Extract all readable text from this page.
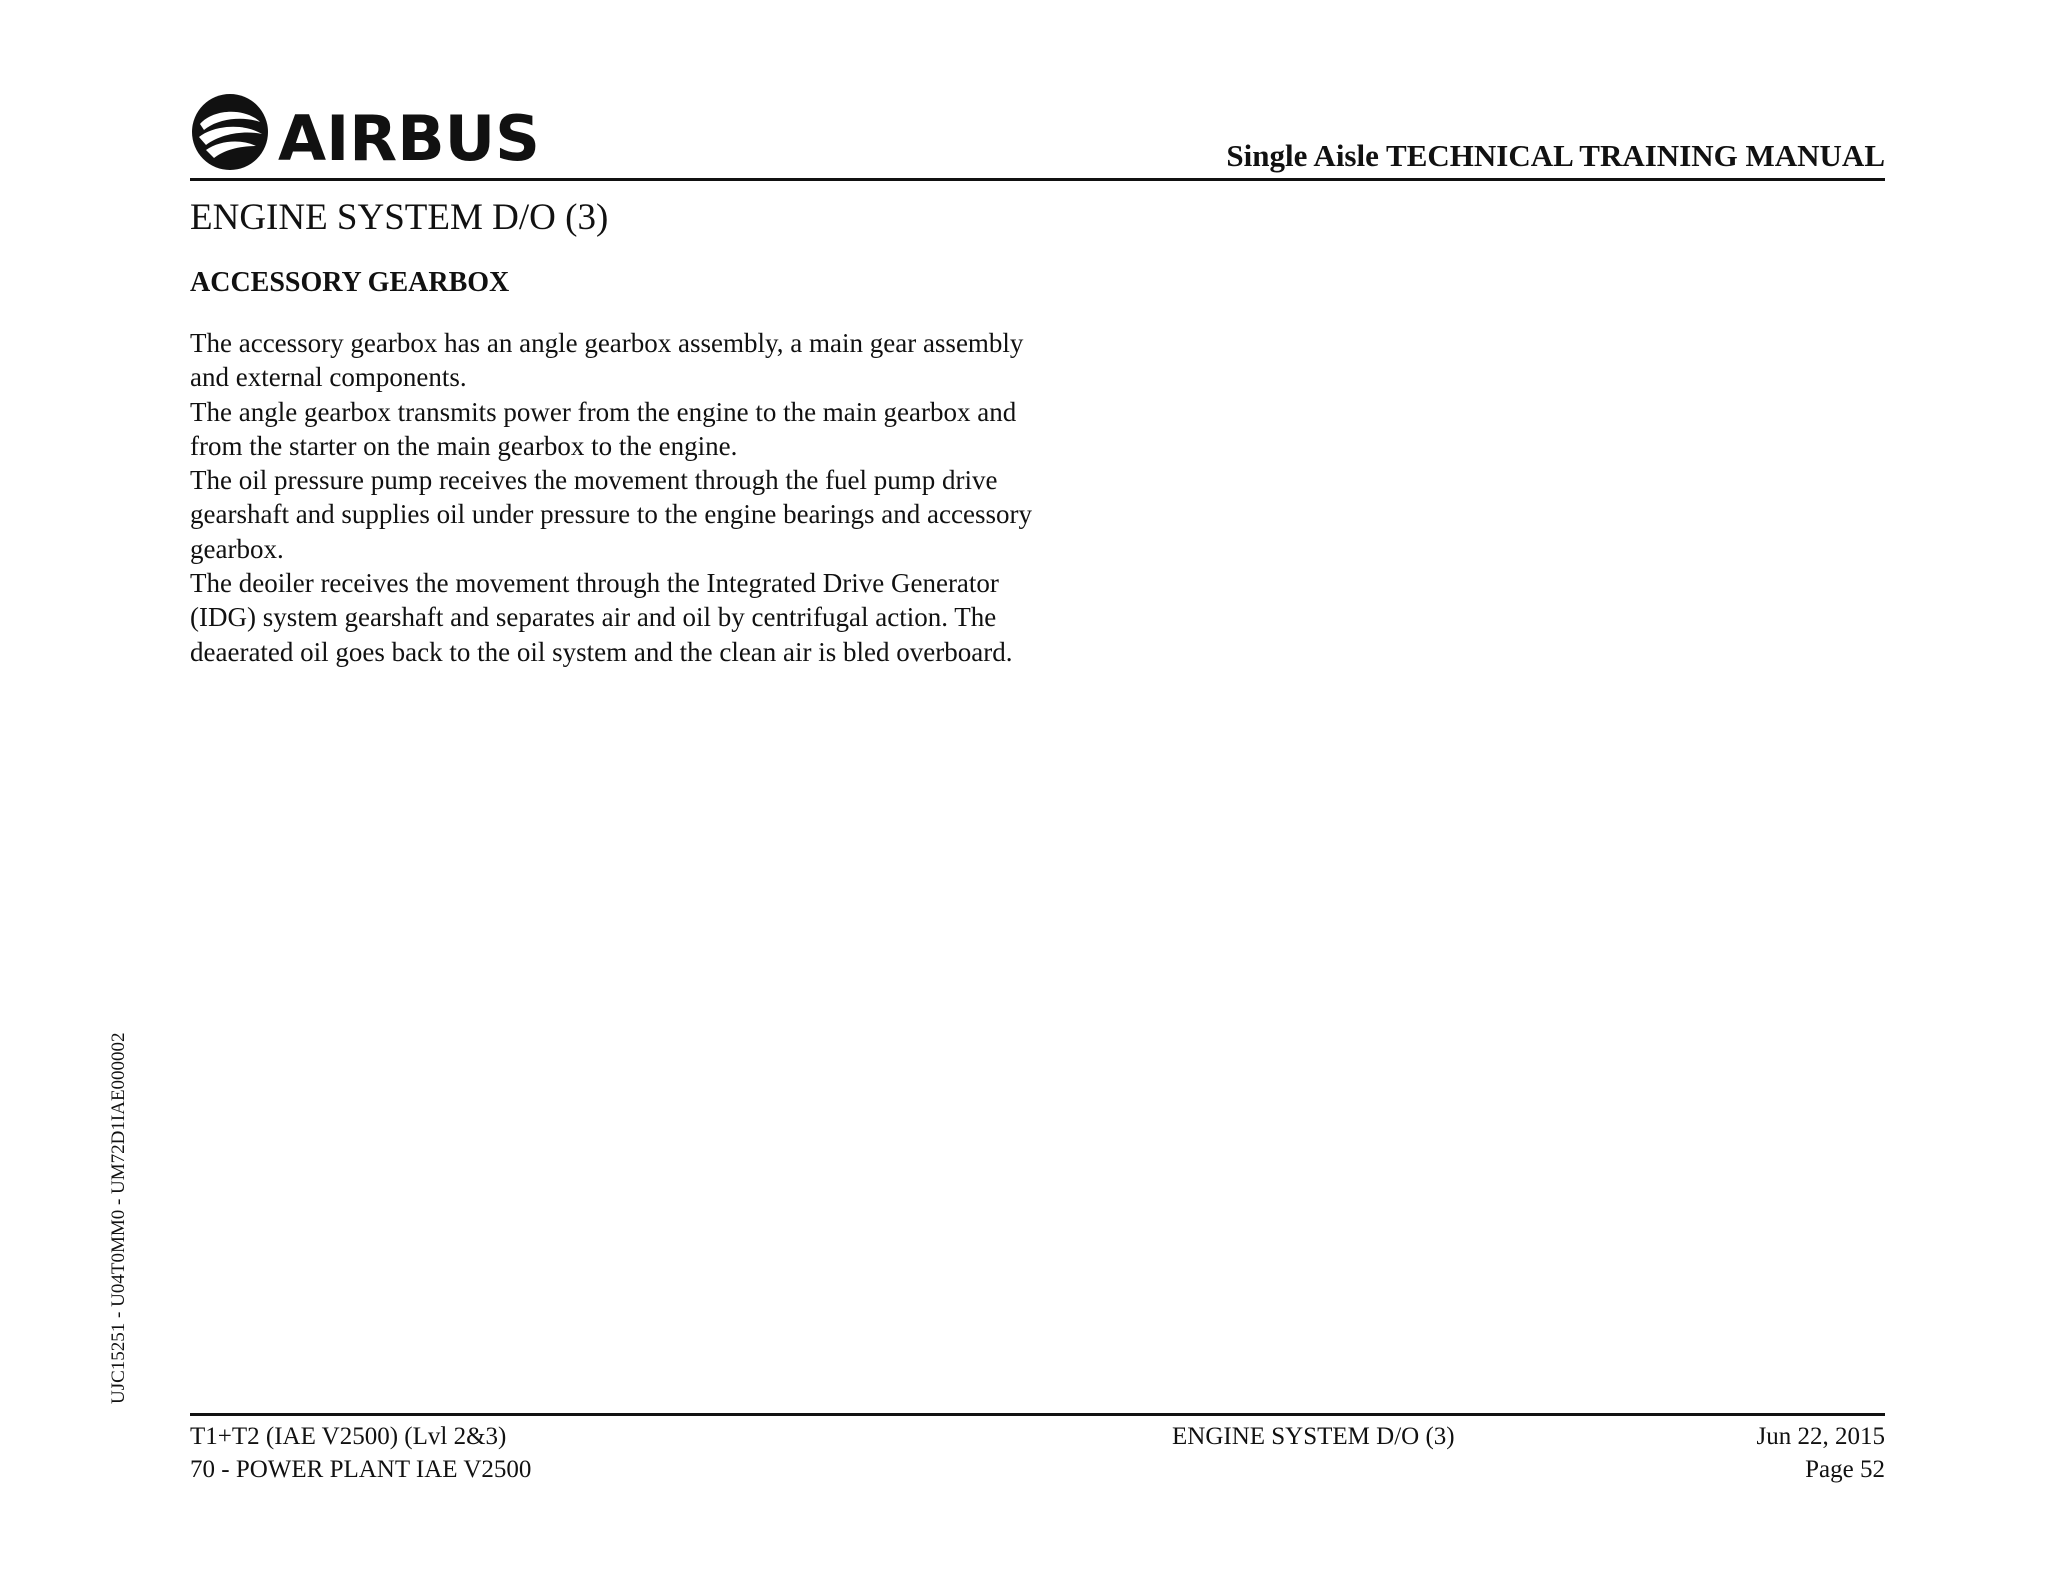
AIRBUS	Single Aisle TECHNICAL TRAINING MANUAL
ENGINE SYSTEM D/O (3)
ACCESSORY GEARBOX

The accessory gearbox has an angle gearbox assembly, a main gear assembly and external components.

The angle gearbox transmits power from the engine to the main gearbox and from the starter on the main gearbox to the engine.

The oil pressure pump receives the movement through the fuel pump drive gearshaft and supplies oil under pressure to the engine bearings and accessory gearbox.

The deoiler receives the movement through the Integrated Drive Generator (IDG) system gearshaft and separates air and oil by centrifugal action. The deaerated oil goes back to the oil system and the clean air is bled overboard.

UJC15251 - U04T0MM0 - UM72D1IAE000002
T1+T2 (IAE V2500) (Lvl 2&3)
70 - POWER PLANT IAE V2500
ENGINE SYSTEM D/O (3)	Jun 22, 2015
Page 52
